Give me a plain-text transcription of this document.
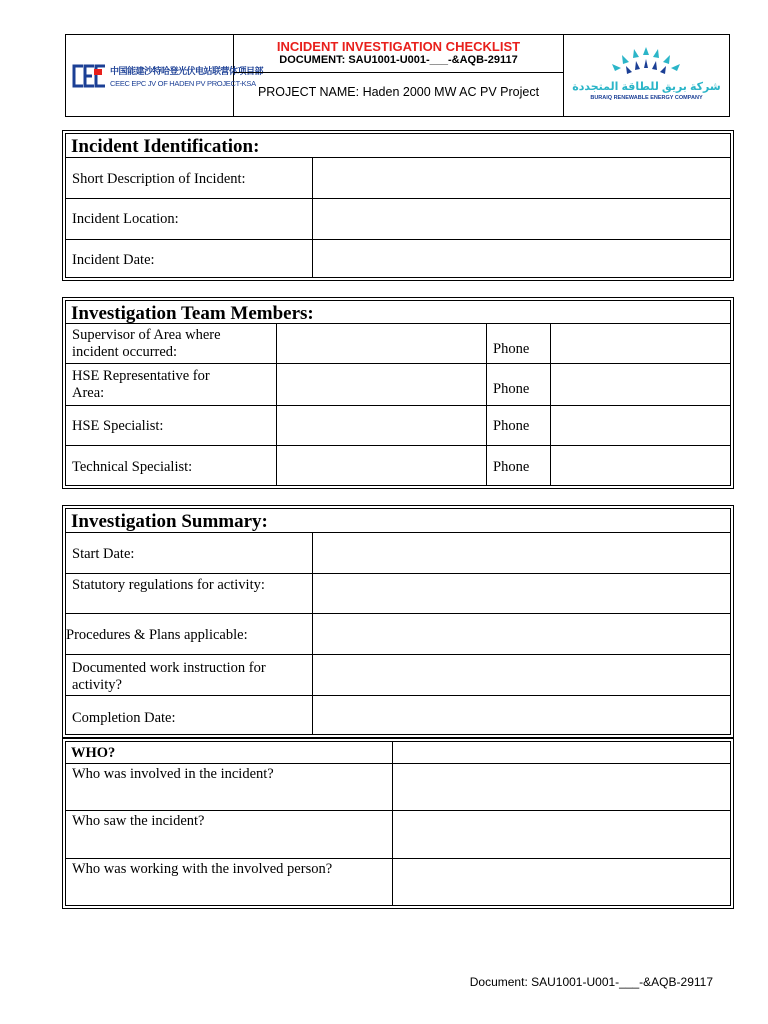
中国能建沙特哈登光伏电站联营体项目部
CEEC EPC JV OF HADEN PV PROJECT-KSA
INCIDENT INVESTIGATION CHECKLIST
DOCUMENT: SAU1001-U001-___-&AQB-29117
PROJECT NAME: Haden 2000 MW AC PV Project	شركة بريق للطاقة المتجددة
BURAIQ RENEWABLE ENERGY COMPANY
Incident Identification:
Short Description of Incident:
Incident Location:
Incident Date:
Investigation Team Members:
Supervisor of Area where
incident occurred:
HSE Representative for
Area:
HSE Specialist:
Technical Specialist:
Phone
Phone
Phone
Phone
Investigation Summary:
Start Date:
Statutory regulations for activity:
Procedures & Plans applicable:
Documented work instruction for
activity?
Completion Date:
WHO?
Who was involved in the incident?
Who saw the incident?
Who was working with the involved person?
Document: SAU1001-U001-___-&AQB-29117
